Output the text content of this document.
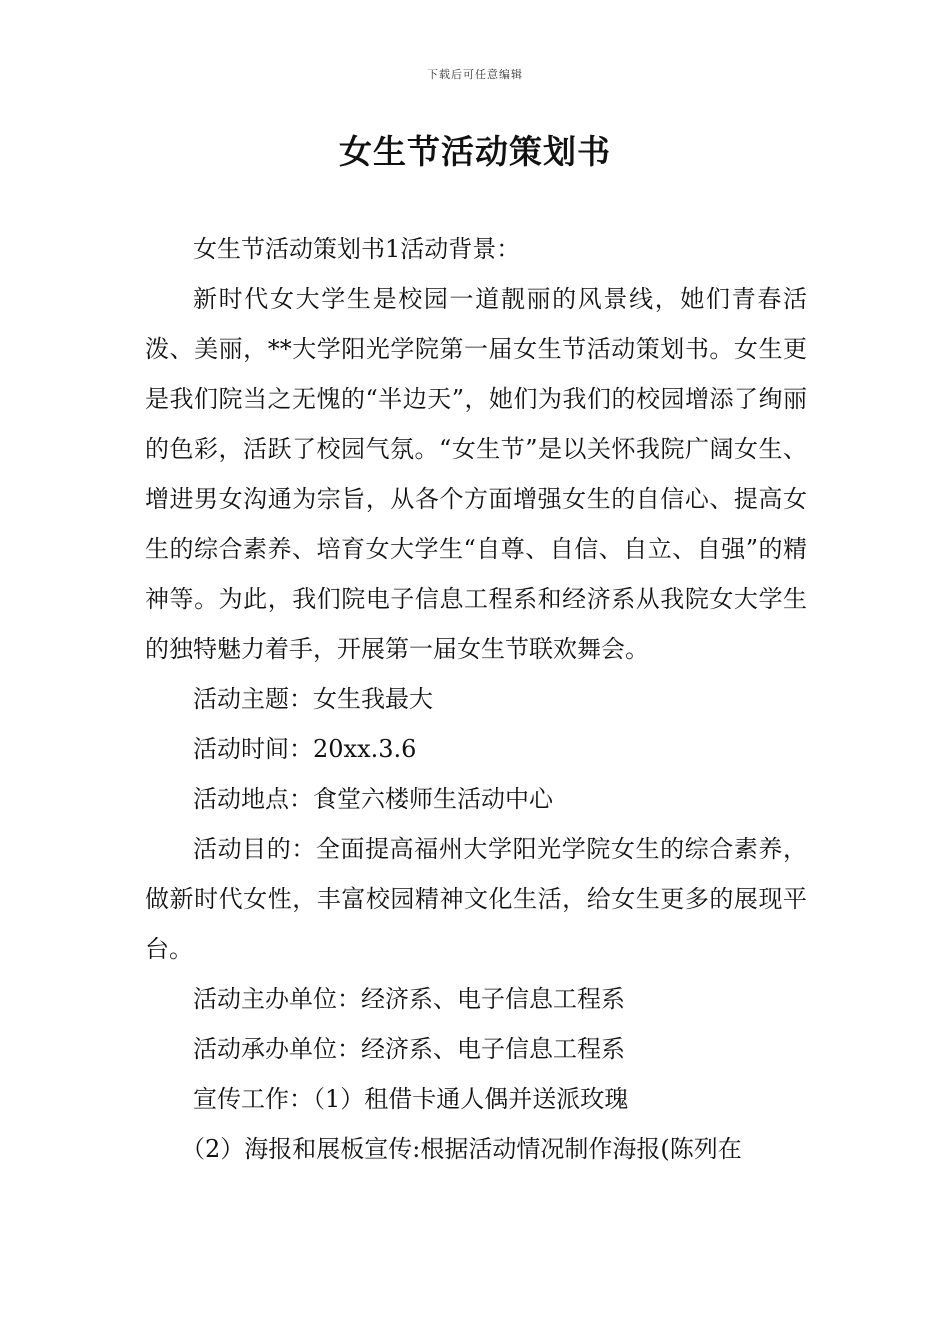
下载后可任意编辑
女生节活动策划书

女生节活动策划书1活动背景：

新时代女大学生是校园一道靓丽的风景线，她们青春活泼、美丽，**大学阳光学院第一届女生节活动策划书。女生更是我们院当之无愧的“半边天”，她们为我们的校园增添了绚丽的色彩，活跃了校园气氛。“女生节”是以关怀我院广阔女生、增进男女沟通为宗旨，从各个方面增强女生的自信心、提高女生的综合素养、培育女大学生“自尊、自信、自立、自强”的精神等。为此，我们院电子信息工程系和经济系从我院女大学生的独特魅力着手，开展第一届女生节联欢舞会。

活动主题：女生我最大

活动时间：20xx.3.6

活动地点：食堂六楼师生活动中心

活动目的：全面提高福州大学阳光学院女生的综合素养，做新时代女性，丰富校园精神文化生活，给女生更多的展现平台。

活动主办单位：经济系、电子信息工程系

活动承办单位：经济系、电子信息工程系

宣传工作：（1）租借卡通人偶并送派玫瑰

（2）海报和展板宣传:根据活动情况制作海报(陈列在
